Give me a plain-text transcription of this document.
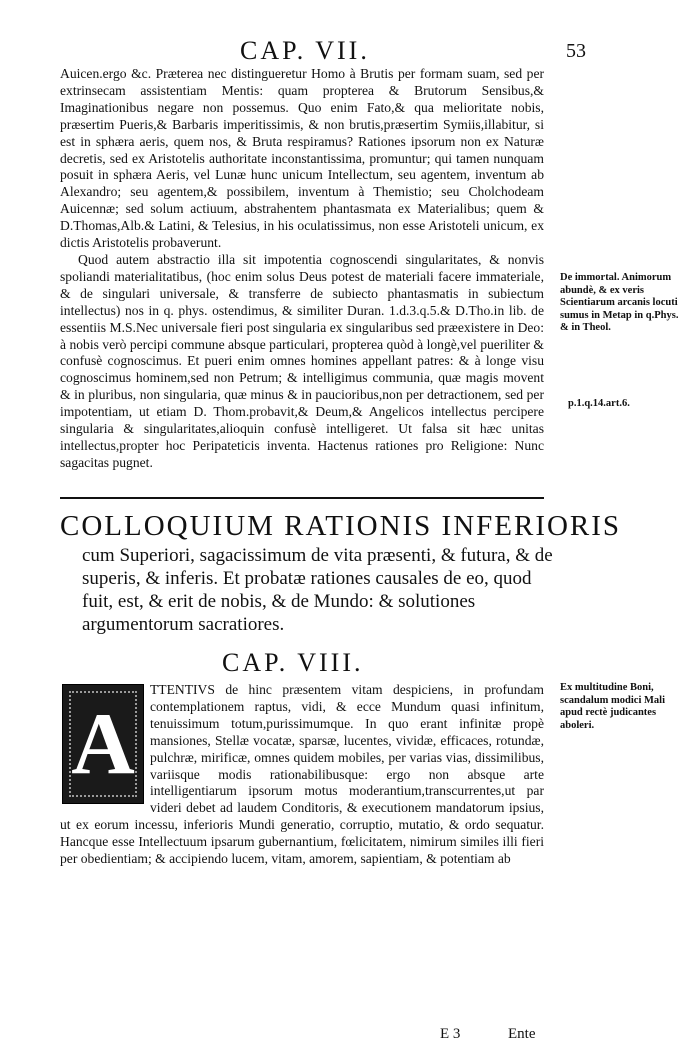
CAP. VII.	53

Auicen.ergo &c. Præterea nec distingueretur Homo à Brutis per formam suam, sed per extrinsecam assistentiam Mentis: quam propterea & Brutorum Sensibus,& Imaginationibus negare non possemus. Quo enim Fato,& qua melioritate nobis, præsertim Pueris,& Barbaris imperitissimis, & non brutis,præsertim Symiis,illabitur, si est in sphæra aeris, quem nos, & Bruta respiramus? Rationes ipsorum non ex Naturæ decretis, sed ex Aristotelis authoritate inconstantissima, promuntur; qui tamen nunquam posuit in sphæra Aeris, vel Lunæ hunc unicum Intellectum, seu agentem, inventum ab Alexandro; seu agentem,& possibilem, inventum à Themistio; seu Cholchodeam Auicennæ; sed solum actiuum, abstrahentem phantasmata ex Materialibus; quem & D.Thomas,Alb.& Latini, & Telesius, in his oculatissimus, non esse Aristoteli unicum, ex dictis Aristotelis probaverunt.

Quod autem abstractio illa sit impotentia cognoscendi singularitates, & nonvis spoliandi materialitatibus, (hoc enim solus Deus potest de materiali facere immateriale, & de singulari universale, & transferre de subiecto phantasmatis in subiectum intellectus) nos in q. phys. ostendimus, & similiter Duran. 1.d.3.q.5.& D.Tho.in lib. de essentiis M.S.Nec universale fieri post singularia ex singularibus sed præexistere in Deo: à nobis verò percipi commune absque particulari, propterea quòd à longè,vel pueriliter & confusè cognoscimus. Et pueri enim omnes homines appellant patres: & à longe visu cognoscimus hominem,sed non Petrum; & intelligimus communia, quæ magis movent & in pluribus, non singularia, quæ minus & in paucioribus,non per detractionem, sed per impotentiam, ut etiam D. Thom.probavit,& Deum,& Angelicos intellectus percipere singularia & singularitates,alioquin confusè intelligeret. Ut falsa sit hæc unitas intellectus,propter hoc Peripateticis inventa. Hactenus rationes pro Religione: Nunc sagacitas pugnet.

De immortal. Animorum abundè, & ex veris Scientiarum arcanis locuti sumus in Metap in q.Phys. & in Theol.
p.1.q.14.art.6.
COLLOQUIUM RATIONIS INFERIORIS
cum Superiori, sagacissimum de vita præsenti, & futura, & de superis, & inferis. Et probatæ rationes causales de eo, quod fuit, est, & erit de nobis, & de Mundo: & solutiones argumentorum sacratiores.
CAP. VIII.
A

TTENTIVS de hinc præsentem vitam despiciens, in profundam contemplationem raptus, vidi, & ecce Mundum quasi infinitum, tenuissimum totum,purissimumque. In quo erant infinitæ propè mansiones, Stellæ vocatæ, sparsæ, lucentes, vividæ, efficaces, rotundæ, pulchræ, mirificæ, omnes quidem mobiles, per varias vias, dissimilibus, variisque modis rationabilibusque: ergo non absque arte intelligentiarum ipsorum motus moderantium,transcurrentes,ut par videri debet ad laudem Conditoris, & executionem mandatorum ipsius, ut ex eorum incessu, inferioris Mundi generatio, corruptio, mutatio, & ordo sequatur. Hancque esse Intellectuum ipsarum gubernantium, fœlicitatem, nimirum similes illi fieri per obedientiam; & accipiendo lucem, vitam, amorem, sapientiam, & potentiam ab

Ex multitudine Boni, scandalum modici Mali apud rectè judicantes aboleri.
E 3	Ente
